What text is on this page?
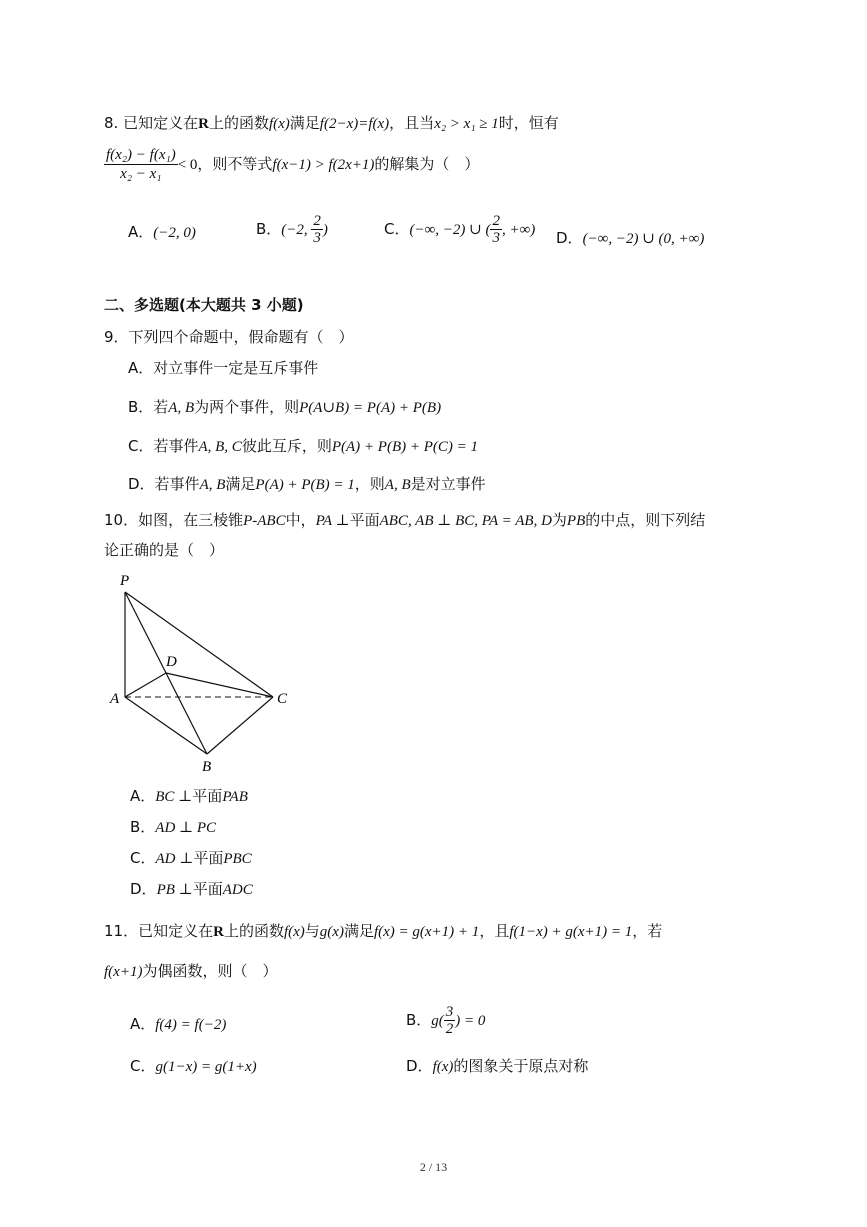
8. 已知定义在R上的函数f(x)满足f(2−x)=f(x)，且当x₂ > x₁ ≥ 1时，恒有
$\frac{\text{f(x₂) − f(x₁)}}{\text{x₂ − x₁}} < 0$，则不等式f(x−1) > f(2x+1)的解集为（　）
A．(−2, 0)	B．(−2, $\frac{2}{3}$ )	C．(−∞, −2) ∪ ( $\frac{2}{3}$ , +∞) D．(−∞, −2) ∪ (0, +∞)
二、多选题(本大题共 3 小题)
9．下列四个命题中，假命题有（　）
A．对立事件一定是互斥事件
B．若A, B为两个事件，则P(A∪B) = P(A) + P(B)
C．若事件A, B, C彼此互斥，则P(A) + P(B) + P(C) = 1
D．若事件A, B满足P(A) + P(B) = 1，则A, B是对立事件
10．如图，在三棱锥P-ABC中，PA ⊥平面ABC, AB ⊥ BC, PA = AB, D为PB的中点，则下列结
论正确的是（　）
P
A
B
C
D
A．BC ⊥平面PAB
B．AD ⊥ PC
C．AD ⊥平面PBC
D．PB ⊥平面ADC
11．已知定义在R上的函数f(x)与g(x)满足f(x) = g(x+1) + 1，且f(1−x) + g(x+1) = 1，若
f(x+1)为偶函数，则（　）
A．f(4) = f(−2)	B．$g( \frac{3}{2}$ ) = 0
C．g(1−x) = g(1+x)	D．f(x)的图象关于原点对称
2 / 13
